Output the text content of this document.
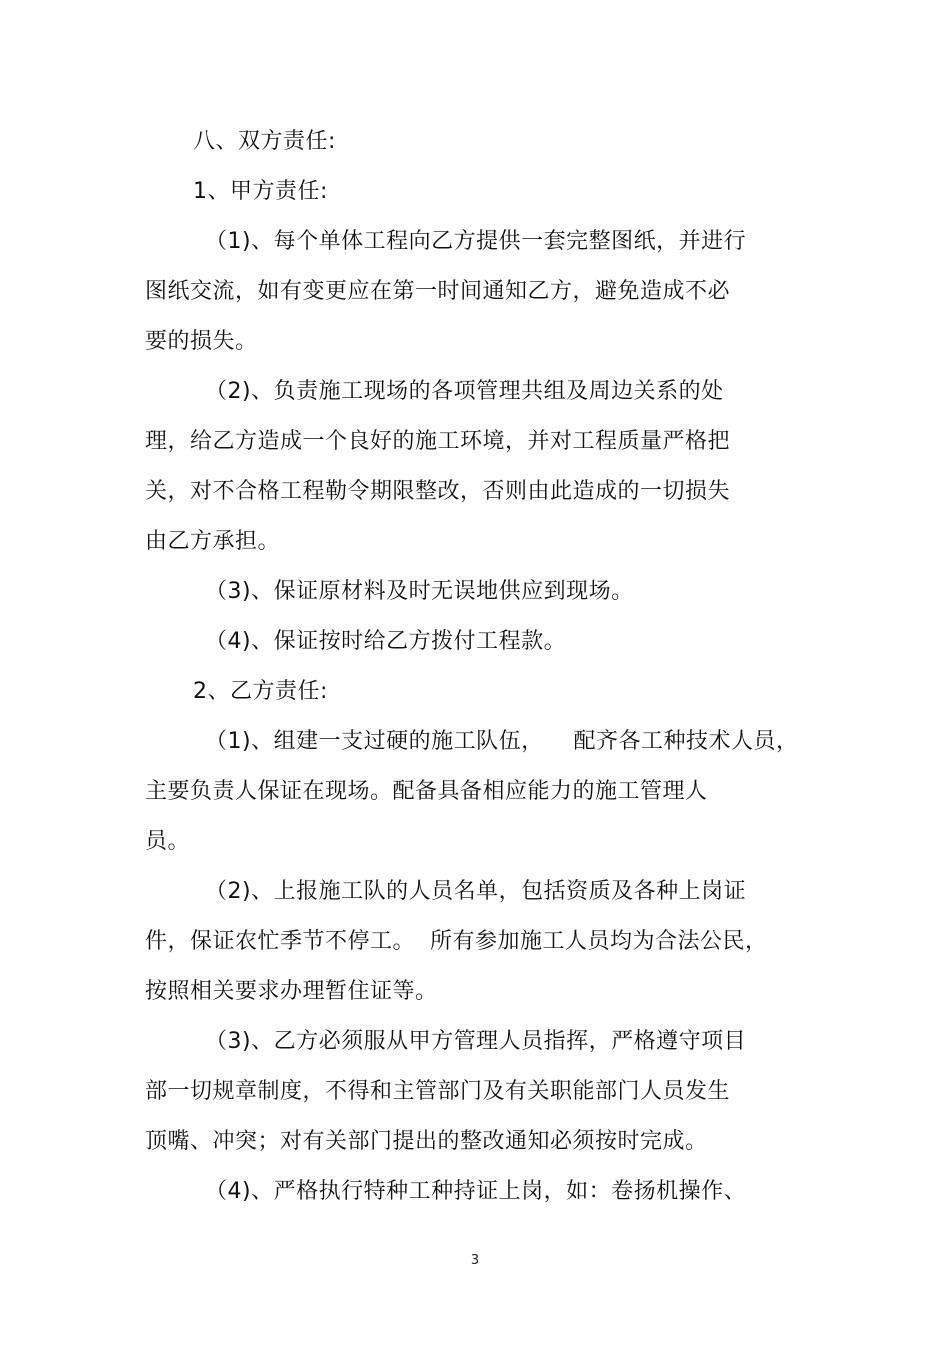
八、双方责任:
1、甲方责任:
（1)、每个单体工程向乙方提供一套完整图纸，并进行
图纸交流，如有变更应在第一时间通知乙方，避免造成不必
要的损失。
（2)、负责施工现场的各项管理共组及周边关系的处
理，给乙方造成一个良好的施工环境，并对工程质量严格把
关，对不合格工程勒令期限整改，否则由此造成的一切损失
由乙方承担。
（3)、保证原材料及时无误地供应到现场。
（4)、保证按时给乙方拨付工程款。
2、乙方责任:
（1)、组建一支过硬的施工队伍，    配齐各工种技术人员，
主要负责人保证在现场。配备具备相应能力的施工管理人
员。
（2)、上报施工队的人员名单，包括资质及各种上岗证
件，保证农忙季节不停工。  所有参加施工人员均为合法公民，
按照相关要求办理暂住证等。
（3)、乙方必须服从甲方管理人员指挥，严格遵守项目
部一切规章制度，不得和主管部门及有关职能部门人员发生
顶嘴、冲突；对有关部门提出的整改通知必须按时完成。
（4)、严格执行特种工种持证上岗，如：卷扬机操作、
3
